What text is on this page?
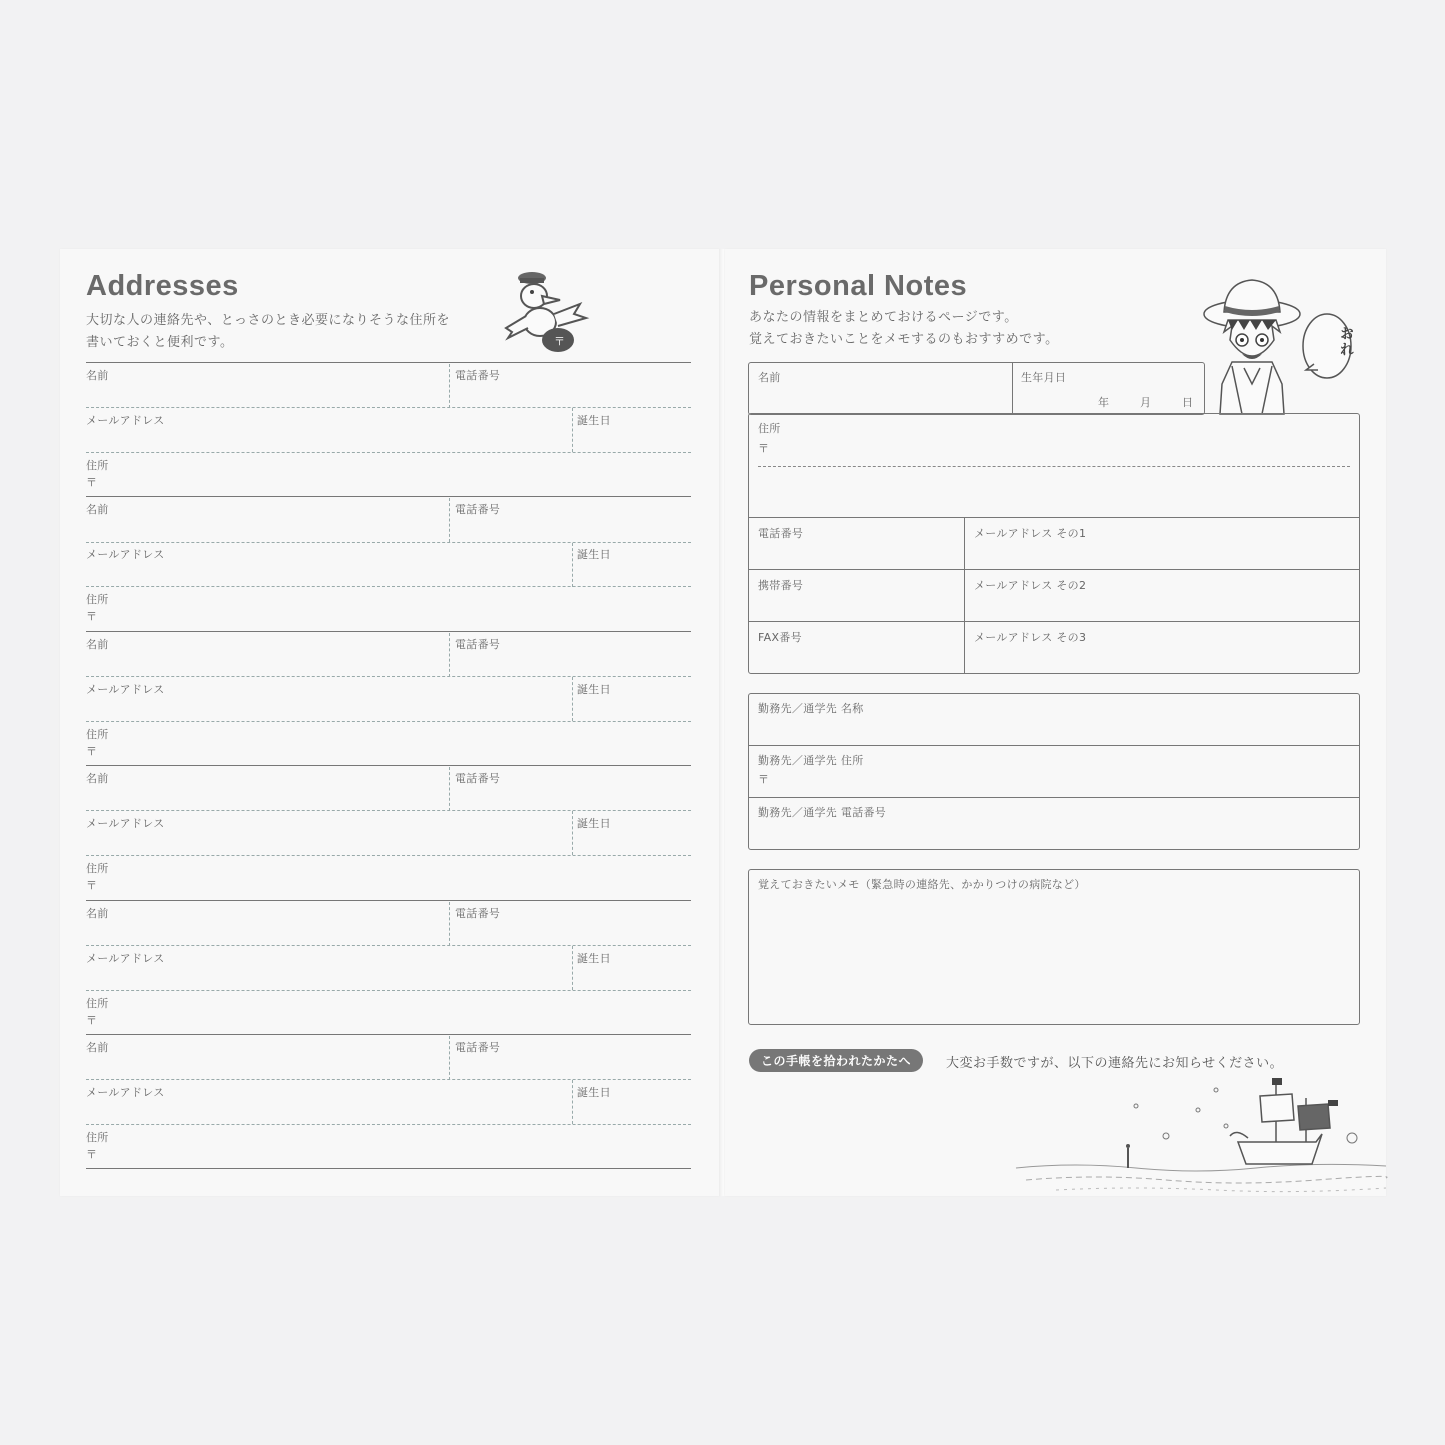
Addresses
大切な人の連絡先や、とっさのとき必要になりそうな住所を
書いておくと便利です。	〒
名前	電話番号
メールアドレス	誕生日
住所
〒
名前	電話番号
メールアドレス	誕生日
住所
〒
名前	電話番号
メールアドレス	誕生日
住所
〒
名前	電話番号
メールアドレス	誕生日
住所
〒
名前	電話番号
メールアドレス	誕生日
住所
〒
名前	電話番号
メールアドレス	誕生日
住所
〒
Personal Notes
あなたの情報をまとめておけるページです。
覚えておきたいことをメモするのもおすすめです。	おれ
名前	生年月日
年	月	日
住所
〒
電話番号	メールアドレス その1
携帯番号	メールアドレス その2
FAX番号	メールアドレス その3
勤務先／通学先 名称
勤務先／通学先 住所
〒
勤務先／通学先 電話番号
覚えておきたいメモ（緊急時の連絡先、かかりつけの病院など）
この手帳を拾われたかたへ	大変お手数ですが、以下の連絡先にお知らせください。
